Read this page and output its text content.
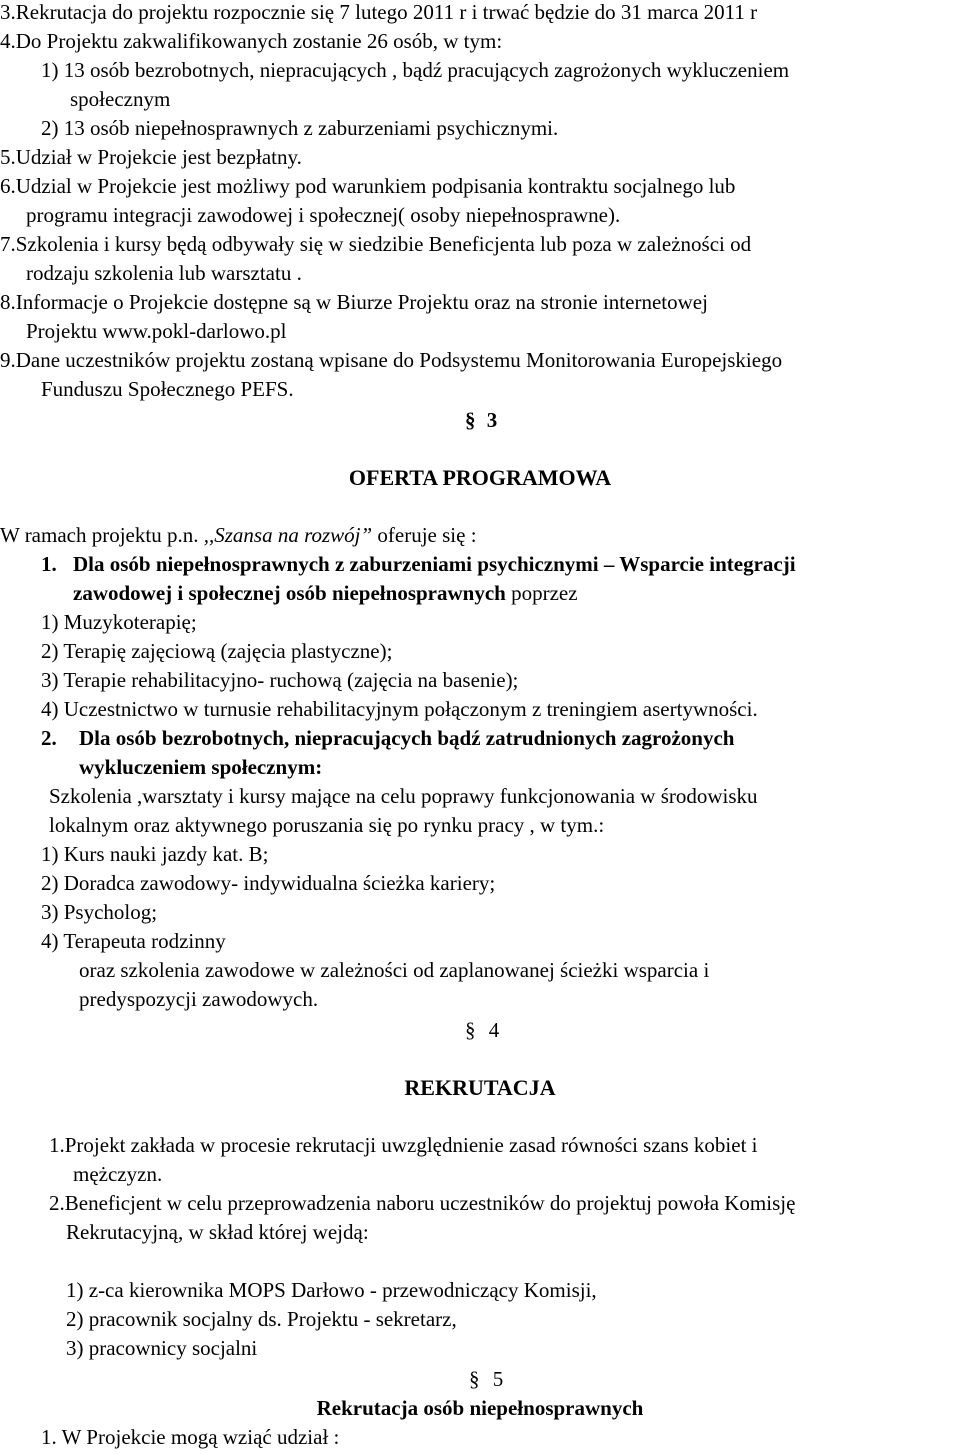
3.Rekrutacja do projektu rozpocznie się 7 lutego 2011 r i trwać będzie do 31 marca 2011 r
4.Do Projektu zakwalifikowanych zostanie 26 osób, w tym:
1) 13 osób bezrobotnych, niepracujących , bądź pracujących zagrożonych wykluczeniem
społecznym
2) 13 osób niepełnosprawnych z zaburzeniami psychicznymi.
5.Udział w Projekcie jest bezpłatny.
6.Udzial w Projekcie jest możliwy pod warunkiem podpisania kontraktu socjalnego lub
programu integracji zawodowej i społecznej( osoby niepełnosprawne).
7.Szkolenia i kursy będą odbywały się w siedzibie Beneficjenta lub poza w zależności od
rodzaju szkolenia lub warsztatu .
8.Informacje o Projekcie dostępne są w Biurze Projektu oraz na stronie internetowej
Projektu www.pokl-darlowo.pl
9.Dane uczestników projektu zostaną wpisane do Podsystemu Monitorowania Europejskiego
Funduszu Społecznego PEFS.
§ 3
OFERTA PROGRAMOWA
W ramach projektu p.n. ,,Szansa na rozwój” oferuje się :
1. Dla osób niepełnosprawnych z zaburzeniami psychicznymi – Wsparcie integracji
zawodowej i społecznej osób niepełnosprawnych poprzez
1) Muzykoterapię;
2) Terapię zajęciową (zajęcia plastyczne);
3) Terapie rehabilitacyjno- ruchową (zajęcia na basenie);
4) Uczestnictwo w turnusie rehabilitacyjnym połączonym z treningiem asertywności.
2. Dla osób bezrobotnych, niepracujących bądź zatrudnionych zagrożonych
wykluczeniem społecznym:
Szkolenia ,warsztaty i kursy mające na celu poprawy funkcjonowania w środowisku
lokalnym oraz aktywnego poruszania się po rynku pracy , w tym.:
1) Kurs nauki jazdy kat. B;
2) Doradca zawodowy- indywidualna ścieżka kariery;
3) Psycholog;
4) Terapeuta rodzinny
oraz szkolenia zawodowe w zależności od zaplanowanej ścieżki wsparcia i
predyspozycji zawodowych.
§ 4
REKRUTACJA
1.Projekt zakłada w procesie rekrutacji uwzględnienie zasad równości szans kobiet i
mężczyzn.
2.Beneficjent w celu przeprowadzenia naboru uczestników do projektuj powoła Komisję
Rekrutacyjną, w skład której wejdą:
1) z-ca kierownika MOPS Darłowo - przewodniczący Komisji,
2) pracownik socjalny ds. Projektu - sekretarz,
3) pracownicy socjalni
§ 5
Rekrutacja osób niepełnosprawnych
1. W Projekcie mogą wziąć udział :
